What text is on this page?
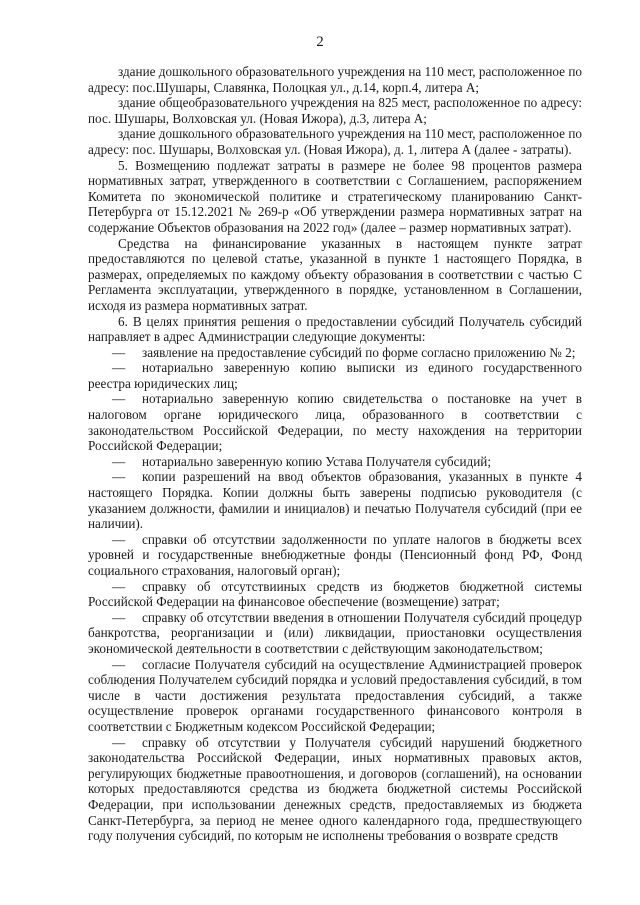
2

здание дошкольного образовательного учреждения на 110 мест, расположенное по адресу: пос.Шушары, Славянка, Полоцкая ул., д.14, корп.4, литера А;

здание общеобразовательного учреждения на 825 мест, расположенное по адресу: пос. Шушары, Волховская ул. (Новая Ижора), д.3, литера А;

здание дошкольного образовательного учреждения на 110 мест, расположенное по адресу: пос. Шушары, Волховская ул. (Новая Ижора), д. 1, литера А (далее - затраты).

5. Возмещению подлежат затраты в размере не более 98 процентов размера нормативных затрат, утвержденного в соответствии с Соглашением, распоряжением Комитета по экономической политике и стратегическому планированию Санкт-Петербурга от 15.12.2021 № 269-р «Об утверждении размера нормативных затрат на содержание Объектов образования на 2022 год» (далее – размер нормативных затрат).

Средства на финансирование указанных в настоящем пункте затрат предоставляются по целевой статье, указанной в пункте 1 настоящего Порядка, в размерах, определяемых по каждому объекту образования в соответствии с частью С Регламента эксплуатации, утвержденного в порядке, установленном в Соглашении, исходя из размера нормативных затрат.

6. В целях принятия решения о предоставлении субсидий Получатель субсидий направляет в адрес Администрации следующие документы:

— заявление на предоставление субсидий по форме согласно приложению № 2;

— нотариально заверенную копию выписки из единого государственного реестра юридических лиц;

— нотариально заверенную копию свидетельства о постановке на учет в налоговом органе юридического лица, образованного в соответствии с законодательством Российской Федерации, по месту нахождения на территории Российской Федерации;

— нотариально заверенную копию Устава Получателя субсидий;

— копии разрешений на ввод объектов образования, указанных в пункте 4 настоящего Порядка. Копии должны быть заверены подписью руководителя (с указанием должности, фамилии и инициалов) и печатью Получателя субсидий (при ее наличии).

— справки об отсутствии задолженности по уплате налогов в бюджеты всех уровней и государственные внебюджетные фонды (Пенсионный фонд РФ, Фонд социального страхования, налоговый орган);

— справку об отсутствииных средств из бюджетов бюджетной системы Российской Федерации на финансовое обеспечение (возмещение) затрат;

— справку об отсутствии введения в отношении Получателя субсидий процедур банкротства, реорганизации и (или) ликвидации, приостановки осуществления экономической деятельности в соответствии с действующим законодательством;

— согласие Получателя субсидий на осуществление Администрацией проверок соблюдения Получателем субсидий порядка и условий предоставления субсидий, в том числе в части достижения результата предоставления субсидий, а также осуществление проверок органами государственного финансового контроля в соответствии с Бюджетным кодексом Российской Федерации;

— справку об отсутствии у Получателя субсидий нарушений бюджетного законодательства Российской Федерации, иных нормативных правовых актов, регулирующих бюджетные правоотношения, и договоров (соглашений), на основании которых предоставляются средства из бюджета бюджетной системы Российской Федерации, при использовании денежных средств, предоставляемых из бюджета Санкт-Петербурга, за период не менее одного календарного года, предшествующего году получения субсидий, по которым не исполнены требования о возврате средств
